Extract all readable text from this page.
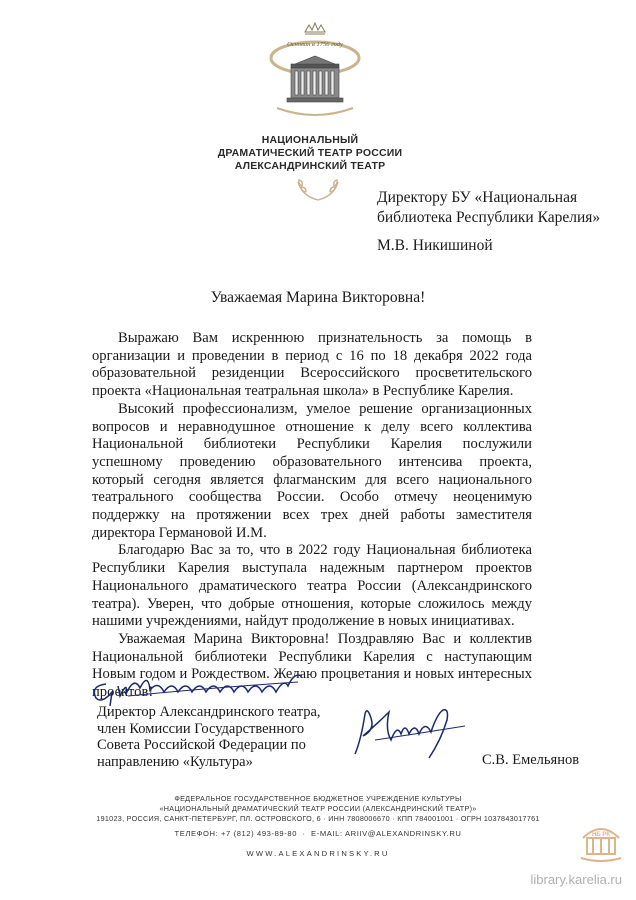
Основан в 1756 году
НАЦИОНАЛЬНЫЙ
ДРАМАТИЧЕСКИЙ ТЕАТР РОССИИ
АЛЕКСАНДРИНСКИЙ ТЕАТР
Директору БУ «Национальная
библиотека Республики Карелия»
М.В. Никишиной
Уважаемая Марина Викторовна!

Выражаю Вам искреннюю признательность за помощь в организации и проведении в период с 16 по 18 декабря 2022 года образовательной резиденции Всероссийского просветительского проекта «Национальная театральная школа» в Республике Карелия.

Высокий профессионализм, умелое решение организационных вопросов и неравнодушное отношение к делу всего коллектива Национальной библиотеки Республики Карелия послужили успешному проведению образовательного интенсива проекта, который сегодня является флагманским для всего национального театрального сообщества России. Особо отмечу неоценимую поддержку на протяжении всех трех дней работы заместителя директора Германовой И.М.

Благодарю Вас за то, что в 2022 году Национальная библиотека Республики Карелия выступала надежным партнером проектов Национального драматического театра России (Александринского театра). Уверен, что добрые отношения, которые сложилось между нашими учреждениями, найдут продолжение в новых инициативах.

Уважаемая Марина Викторовна! Поздравляю Вас и коллектив Национальной библиотеки Республики Карелия с наступающим Новым годом и Рождеством. Желаю процветания и новых интересных проектов!

Директор Александринского театра,
член Комиссии Государственного
Совета Российской Федерации по
направлению «Культура»	С.В. Емельянов
ФЕДЕРАЛЬНОЕ ГОСУДАРСТВЕННОЕ БЮДЖЕТНОЕ УЧРЕЖДЕНИЕ КУЛЬТУРЫ
«НАЦИОНАЛЬНЫЙ ДРАМАТИЧЕСКИЙ ТЕАТР РОССИИ (АЛЕКСАНДРИНСКИЙ ТЕАТР)»
191023, РОССИЯ, САНКТ-ПЕТЕРБУРГ, ПЛ. ОСТРОВСКОГО, 6 · ИНН 7808006670 · КПП 784001001 · ОГРН 1037843017761
ТЕЛЕФОН: +7 (812) 493-89-80  ·  E-MAIL: ARIIV@ALEXANDRINSKY.RU
WWW.ALEXANDRINSKY.RU
НБ РК
library.karelia.ru
